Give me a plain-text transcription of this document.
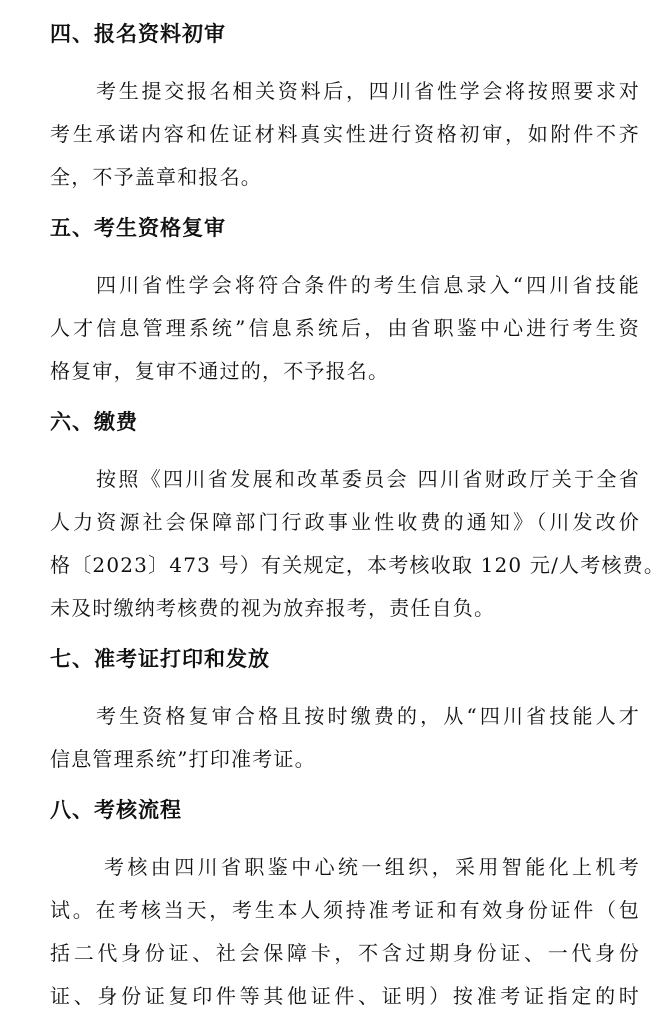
四、报名资料初审
考生提交报名相关资料后，四川省性学会将按照要求对
考生承诺内容和佐证材料真实性进行资格初审，如附件不齐
全，不予盖章和报名。
五、考生资格复审
四川省性学会将符合条件的考生信息录入“四川省技能
人才信息管理系统”信息系统后，由省职鉴中心进行考生资
格复审，复审不通过的，不予报名。
六、缴费
按照《四川省发展和改革委员会 四川省财政厅关于全省
人力资源社会保障部门行政事业性收费的通知》（川发改价
格〔2023〕473 号）有关规定，本考核收取 120 元/人考核费。
未及时缴纳考核费的视为放弃报考，责任自负。
七、准考证打印和发放
考生资格复审合格且按时缴费的，从“四川省技能人才
信息管理系统”打印准考证。
八、考核流程
考核由四川省职鉴中心统一组织，采用智能化上机考
试。在考核当天，考生本人须持准考证和有效身份证件（包
括二代身份证、社会保障卡，不含过期身份证、一代身份
证、身份证复印件等其他证件、证明）按准考证指定的时
